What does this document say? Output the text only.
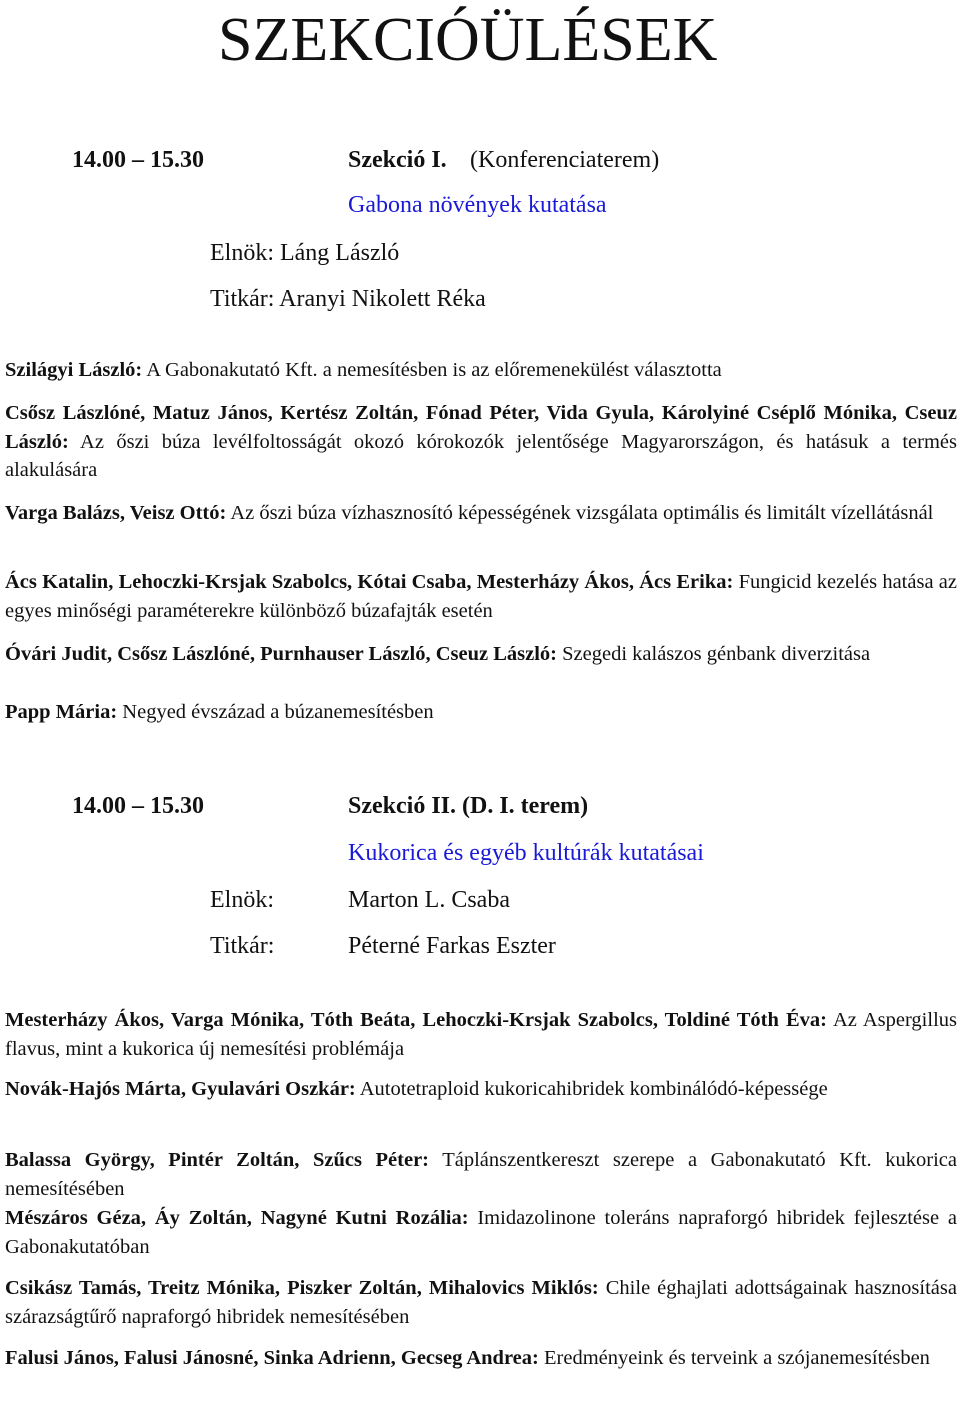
SZEKCIÓÜLÉSEK
14.00 – 15.30	Szekció I. (Konferenciaterem)
Gabona növények kutatása
Elnök: Láng László
Titkár: Aranyi Nikolett Réka
Szilágyi László: A Gabonakutató Kft. a nemesítésben is az előremenekülést választotta
Csősz Lászlóné, Matuz János, Kertész Zoltán, Fónad Péter, Vida Gyula, Károlyiné Cséplő Mónika, Cseuz László: Az őszi búza levélfoltosságát okozó kórokozók jelentősége Magyarországon, és hatásuk a termés alakulására
Varga Balázs, Veisz Ottó: Az őszi búza vízhasznosító képességének vizsgálata optimális és limitált vízellátásnál
Ács Katalin, Lehoczki-Krsjak Szabolcs, Kótai Csaba, Mesterházy Ákos, Ács Erika: Fungicid kezelés hatása az egyes minőségi paraméterekre különböző búzafajták esetén
Óvári Judit, Csősz Lászlóné, Purnhauser László, Cseuz László: Szegedi kalászos génbank diverzitása
Papp Mária: Negyed évszázad a búzanemesítésben
14.00 – 15.30	Szekció II. (D. I. terem)
Kukorica és egyéb kultúrák kutatásai
Elnök:	Marton L. Csaba
Titkár:	Péterné Farkas Eszter
Mesterházy Ákos, Varga Mónika, Tóth Beáta, Lehoczki-Krsjak Szabolcs, Toldiné Tóth Éva: Az Aspergillus flavus, mint a kukorica új nemesítési problémája
Novák-Hajós Márta, Gyulavári Oszkár: Autotetraploid kukoricahibridek kombinálódó-képessége
Balassa György, Pintér Zoltán, Szűcs Péter: Táplánszentkereszt szerepe a Gabonakutató Kft. kukorica nemesítésében
Mészáros Géza, Áy Zoltán, Nagyné Kutni Rozália: Imidazolinone toleráns napraforgó hibridek fejlesztése a Gabonakutatóban
Csikász Tamás, Treitz Mónika, Piszker Zoltán, Mihalovics Miklós: Chile éghajlati adottságainak hasznosítása szárazságtűrő napraforgó hibridek nemesítésében
Falusi János, Falusi Jánosné, Sinka Adrienn, Gecseg Andrea: Eredményeink és terveink a szójanemesítésben
